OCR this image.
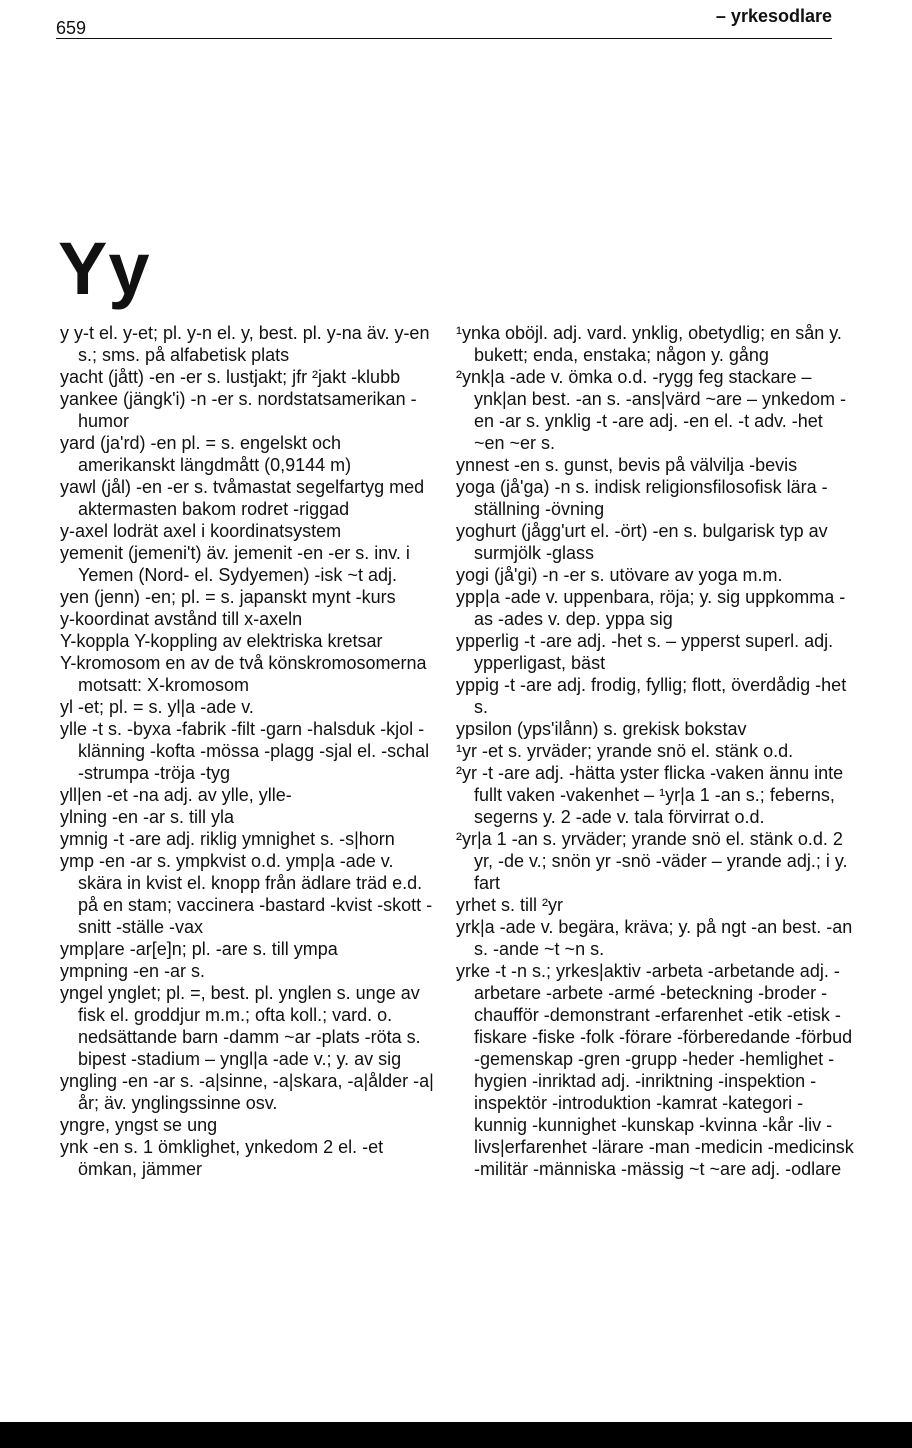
659
– yrkesodlare
Yy
y y-t el. y-et; pl. y-n el. y, best. pl. y-na äv. y-en s.; sms. på alfabetisk plats
yacht (jått) -en -er s. lustjakt; jfr ²jakt -klubb
yankee (jängk'i) -n -er s. nordstatsamerikan -humor
yard (ja'rd) -en pl. = s. engelskt och amerikanskt längdmått (0,9144 m)
yawl (jål) -en -er s. tvåmastat segelfartyg med aktermasten bakom rodret -riggad
y-axel lodrät axel i koordinatsystem
yemenit (jemeni't) äv. jemenit -en -er s. inv. i Yemen (Nord- el. Sydyemen) -isk ~t adj.
yen (jenn) -en; pl. = s. japanskt mynt -kurs
y-koordinat avstånd till x-axeln
Y-koppla Y-koppling av elektriska kretsar
Y-kromosom en av de två könskromosomerna motsatt: X-kromosom
yl -et; pl. = s. yl|a -ade v.
ylle -t s. -byxa -fabrik -filt -garn -halsduk -kjol -klänning -kofta -mössa -plagg -sjal el. -schal -strumpa -tröja -tyg
yll|en -et -na adj. av ylle, ylle-
ylning -en -ar s. till yla
ymnig -t -are adj. riklig ymnighet s. -s|horn
ymp -en -ar s. ympkvist o.d. ymp|a -ade v. skära in kvist el. knopp från ädlare träd e.d. på en stam; vaccinera -bastard -kvist -skott -snitt -ställe -vax
ymp|are -ar[e]n; pl. -are s. till ympa
ympning -en -ar s.
yngel ynglet; pl. =, best. pl. ynglen s. unge av fisk el. groddjur m.m.; ofta koll.; vard. o. nedsättande barn -damm ~ar -plats -röta s. bipest -stadium – yngl|a -ade v.; y. av sig
yngling -en -ar s. -a|sinne, -a|skara, -a|ålder -a|år; äv. ynglingssinne osv.
yngre, yngst se ung
ynk -en s. 1 ömklighet, ynkedom 2 el. -et ömkan, jämmer
¹ynka oböjl. adj. vard. ynklig, obetydlig; en sån y. bukett; enda, enstaka; någon y. gång
²ynk|a -ade v. ömka o.d. -rygg feg stackare – ynk|an best. -an s. -ans|värd ~are – ynkedom -en -ar s. ynklig -t -are adj. -en el. -t adv. -het ~en ~er s.
ynnest -en s. gunst, bevis på välvilja -bevis
yoga (jå'ga) -n s. indisk religionsfilosofisk lära -ställning -övning
yoghurt (jågg'urt el. -ört) -en s. bulgarisk typ av surmjölk -glass
yogi (jå'gi) -n -er s. utövare av yoga m.m.
ypp|a -ade v. uppenbara, röja; y. sig uppkomma -as -ades v. dep. yppa sig
ypperlig -t -are adj. -het s. – ypperst superl. adj. ypperligast, bäst
yppig -t -are adj. frodig, fyllig; flott, överdådig -het s.
ypsilon (yps'ilånn) s. grekisk bokstav
¹yr -et s. yrväder; yrande snö el. stänk o.d.
²yr -t -are adj. -hätta yster flicka -vaken ännu inte fullt vaken -vakenhet – ¹yr|a 1 -an s.; feberns, segerns y. 2 -ade v. tala förvirrat o.d.
²yr|a 1 -an s. yrväder; yrande snö el. stänk o.d. 2 yr, -de v.; snön yr -snö -väder – yrande adj.; i y. fart
yrhet s. till ²yr
yrk|a -ade v. begära, kräva; y. på ngt -an best. -an s. -ande ~t ~n s.
yrke -t -n s.; yrkes|aktiv -arbeta -arbetande adj. -arbetare -arbete -armé -beteckning -broder -chaufför -demonstrant -erfarenhet -etik -etisk -fiskare -fiske -folk -förare -förberedande -förbud -gemenskap -gren -grupp -heder -hemlighet -hygien -inriktad adj. -inriktning -inspektion -inspektör -introduktion -kamrat -kategori -kunnig -kunnighet -kunskap -kvinna -kår -liv -livs|erfarenhet -lärare -man -medicin -medicinsk -militär -människa -mässig ~t ~are adj. -odlare
